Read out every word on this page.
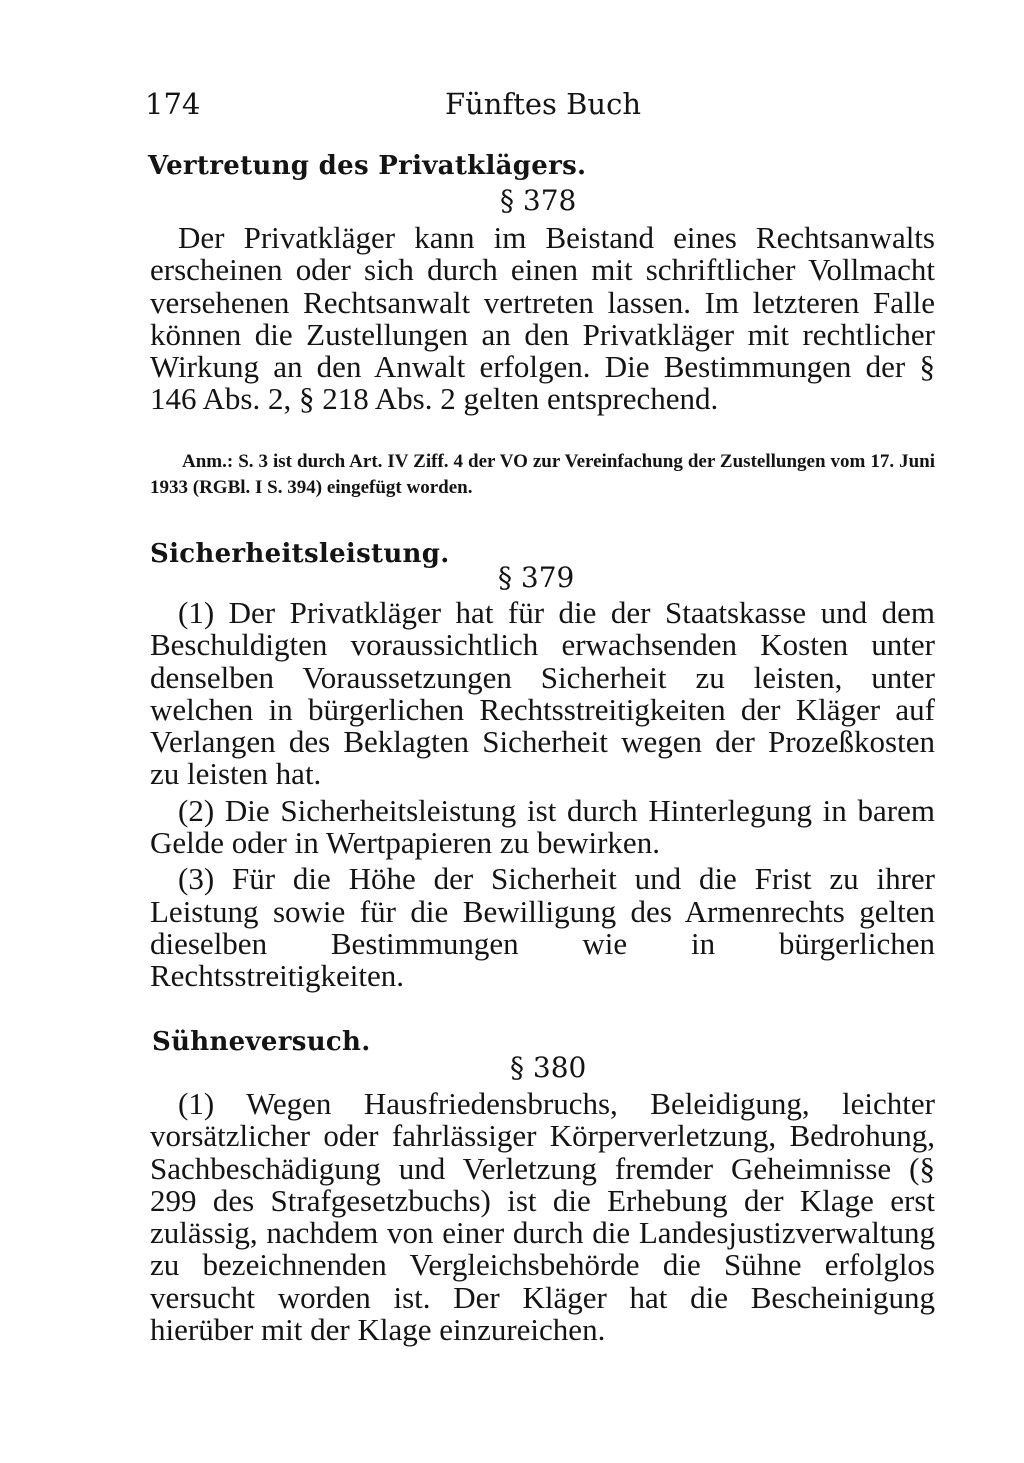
174	Fünftes Buch
Vertretung des Privatklägers.
§ 378

Der Privatkläger kann im Beistand eines Rechtsanwalts erscheinen oder sich durch einen mit schriftlicher Vollmacht versehenen Rechtsanwalt vertreten lassen. Im letzteren Falle können die Zustellungen an den Privatkläger mit rechtlicher Wirkung an den Anwalt erfolgen. Die Bestimmungen der § 146 Abs. 2, § 218 Abs. 2 gelten entsprechend.

Anm.: S. 3 ist durch Art. IV Ziff. 4 der VO zur Vereinfachung der Zustellungen vom 17. Juni 1933 (RGBl. I S. 394) eingefügt worden.
Sicherheitsleistung.
§ 379

(1) Der Privatkläger hat für die der Staatskasse und dem Beschuldigten voraussichtlich erwachsenden Kosten unter denselben Voraussetzungen Sicherheit zu leisten, unter welchen in bürgerlichen Rechtsstreitigkeiten der Kläger auf Verlangen des Beklagten Sicherheit wegen der Prozeßkosten zu leisten hat.

(2) Die Sicherheitsleistung ist durch Hinterlegung in barem Gelde oder in Wertpapieren zu bewirken.

(3) Für die Höhe der Sicherheit und die Frist zu ihrer Leistung sowie für die Bewilligung des Armenrechts gelten dieselben Bestimmungen wie in bürgerlichen Rechtsstreitigkeiten.

Sühneversuch.
§ 380

(1) Wegen Hausfriedensbruchs, Beleidigung, leichter vorsätzlicher oder fahrlässiger Körperverletzung, Bedrohung, Sachbeschädigung und Verletzung fremder Geheimnisse (§ 299 des Strafgesetzbuchs) ist die Erhebung der Klage erst zulässig, nachdem von einer durch die Landesjustizverwaltung zu bezeichnenden Vergleichsbehörde die Sühne erfolglos versucht worden ist. Der Kläger hat die Bescheinigung hierüber mit der Klage einzureichen.
